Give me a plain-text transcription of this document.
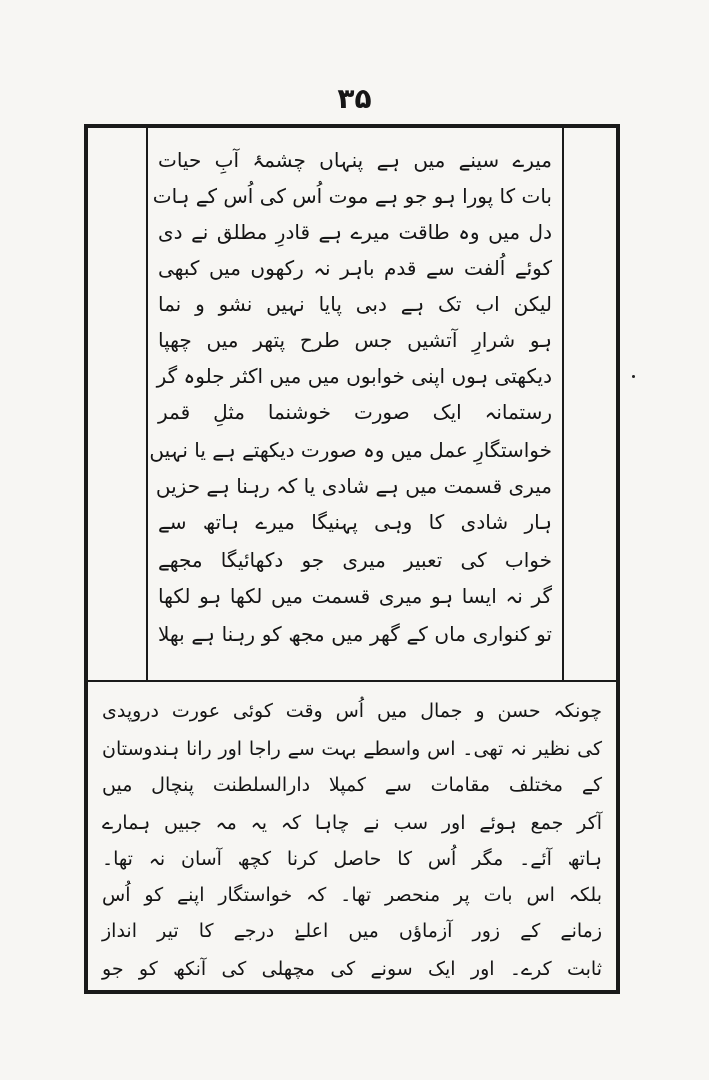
۳۵
میرے سینے میں ہے پنہاں چشمۂ آبِ حیات
بات کا پورا ہو جو ہے موت اُس کی اُس کے ہات
دل میں وہ طاقت میرے ہے قادرِ مطلق نے دی
کوئے اُلفت سے قدم باہر نہ رکھوں میں کبھی
لیکن اب تک ہے دبی پایا نہیں نشو و نما
ہو شرارِ آتشیں جس طرح پتھر میں چھپا
دیکھتی ہوں اپنی خوابوں میں میں اکثر جلوہ گر
رستمانہ ایک صورت خوشنما مثلِ قمر
خواستگارِ عمل میں وہ صورت دیکھتے ہے یا نہیں
میری قسمت میں ہے شادی یا کہ رہنا ہے حزیں
ہار شادی کا وہی پہنیگا میرے ہاتھ سے
خواب کی تعبیر میری جو دکھائیگا مجھے
گر نہ ایسا ہو میری قسمت میں لکھا ہو لکھا
تو کنواری ماں کے گھر میں مجھ کو رہنا ہے بھلا
چونکہ حسن و جمال میں اُس وقت کوئی عورت دروپدی
کی نظیر نہ تھی۔ اس واسطے بہت سے راجا اور رانا ہندوستان
کے مختلف مقامات سے کمپلا دارالسلطنت پنچال میں
آکر جمع ہوئے اور سب نے چاہا کہ یہ مہ جبیں ہمارے
ہاتھ آئے۔ مگر اُس کا حاصل کرنا کچھ آسان نہ تھا۔
بلکہ اس بات پر منحصر تھا۔ کہ خواستگار اپنے کو اُس
زمانے کے زور آزماؤں میں اعلےٰ درجے کا تیر انداز
ثابت کرے۔ اور ایک سونے کی مچھلی کی آنکھ کو جو
